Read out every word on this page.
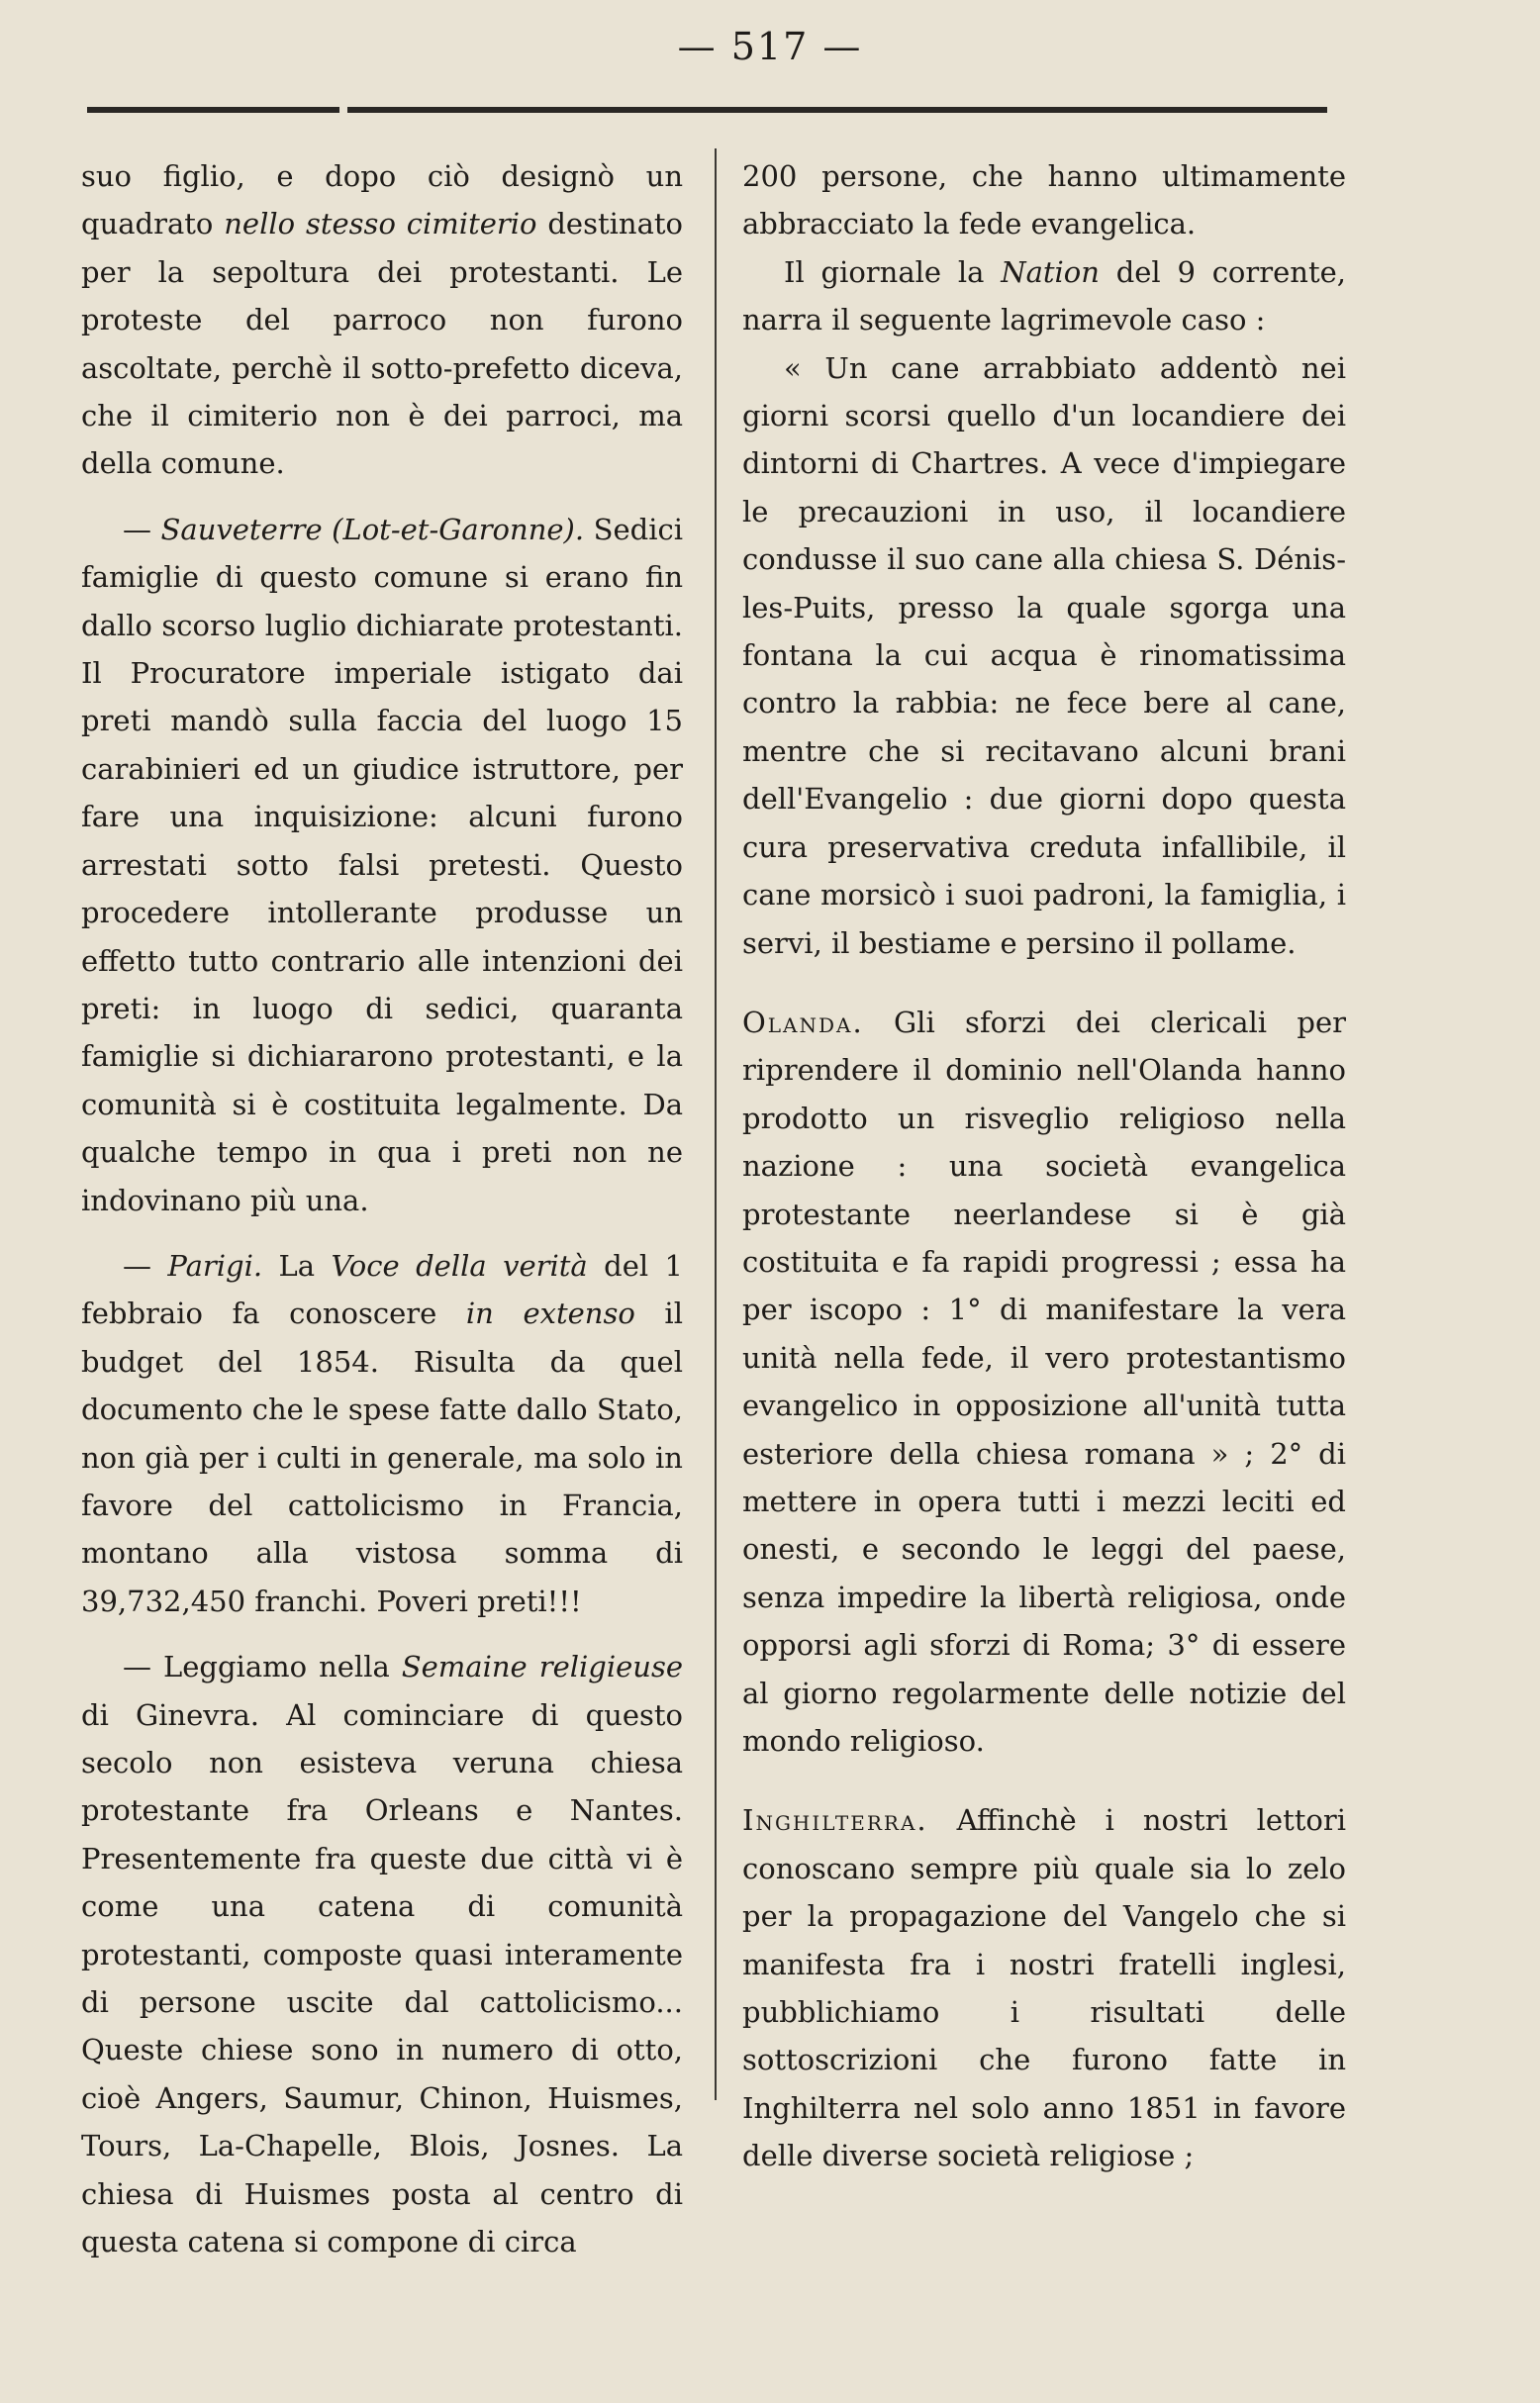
— 517 —

suo figlio, e dopo ciò designò un quadrato nello stesso cimiterio destinato per la sepoltura dei protestanti. Le proteste del parroco non furono ascoltate, perchè il sotto-prefetto diceva, che il cimiterio non è dei parroci, ma della comune.

— Sauveterre (Lot-et-Garonne). Sedici famiglie di questo comune si erano fin dallo scorso luglio dichiarate protestanti. Il Procuratore imperiale istigato dai preti mandò sulla faccia del luogo 15 carabinieri ed un giudice istruttore, per fare una inquisizione: alcuni furono arrestati sotto falsi pretesti. Questo procedere intollerante produsse un effetto tutto contrario alle intenzioni dei preti: in luogo di sedici, quaranta famiglie si dichiararono protestanti, e la comunità si è costituita legalmente. Da qualche tempo in qua i preti non ne indovinano più una.

— Parigi. La Voce della verità del 1 febbraio fa conoscere in extenso il budget del 1854. Risulta da quel documento che le spese fatte dallo Stato, non già per i culti in generale, ma solo in favore del cattolicismo in Francia, montano alla vistosa somma di 39,732,450 franchi. Poveri preti!!!

— Leggiamo nella Semaine religieuse di Ginevra. Al cominciare di questo secolo non esisteva veruna chiesa protestante fra Orleans e Nantes. Presentemente fra queste due città vi è come una catena di comunità protestanti, composte quasi interamente di persone uscite dal cattolicismo... Queste chiese sono in numero di otto, cioè Angers, Saumur, Chinon, Huismes, Tours, La-Chapelle, Blois, Josnes. La chiesa di Huismes posta al centro di questa catena si compone di circa

200 persone, che hanno ultimamente abbracciato la fede evangelica.

Il giornale la Nation del 9 corrente, narra il seguente lagrimevole caso :

« Un cane arrabbiato addentò nei giorni scorsi quello d'un locandiere dei dintorni di Chartres. A vece d'impiegare le precauzioni in uso, il locandiere condusse il suo cane alla chiesa S. Dénis-les-Puits, presso la quale sgorga una fontana la cui acqua è rinomatissima contro la rabbia: ne fece bere al cane, mentre che si recitavano alcuni brani dell'Evangelio : due giorni dopo questa cura preservativa creduta infallibile, il cane morsicò i suoi padroni, la famiglia, i servi, il bestiame e persino il pollame.

Olanda. Gli sforzi dei clericali per riprendere il dominio nell'Olanda hanno prodotto un risveglio religioso nella nazione : una società evangelica protestante neerlandese si è già costituita e fa rapidi progressi ; essa ha per iscopo : 1° di manifestare la vera unità nella fede, il vero protestantismo evangelico in opposizione all'unità tutta esteriore della chiesa romana » ; 2° di mettere in opera tutti i mezzi leciti ed onesti, e secondo le leggi del paese, senza impedire la libertà religiosa, onde opporsi agli sforzi di Roma; 3° di essere al giorno regolarmente delle notizie del mondo religioso.

Inghilterra. Affinchè i nostri lettori conoscano sempre più quale sia lo zelo per la propagazione del Vangelo che si manifesta fra i nostri fratelli inglesi, pubblichiamo i risultati delle sottoscrizioni che furono fatte in Inghilterra nel solo anno 1851 in favore delle diverse società religiose ;
